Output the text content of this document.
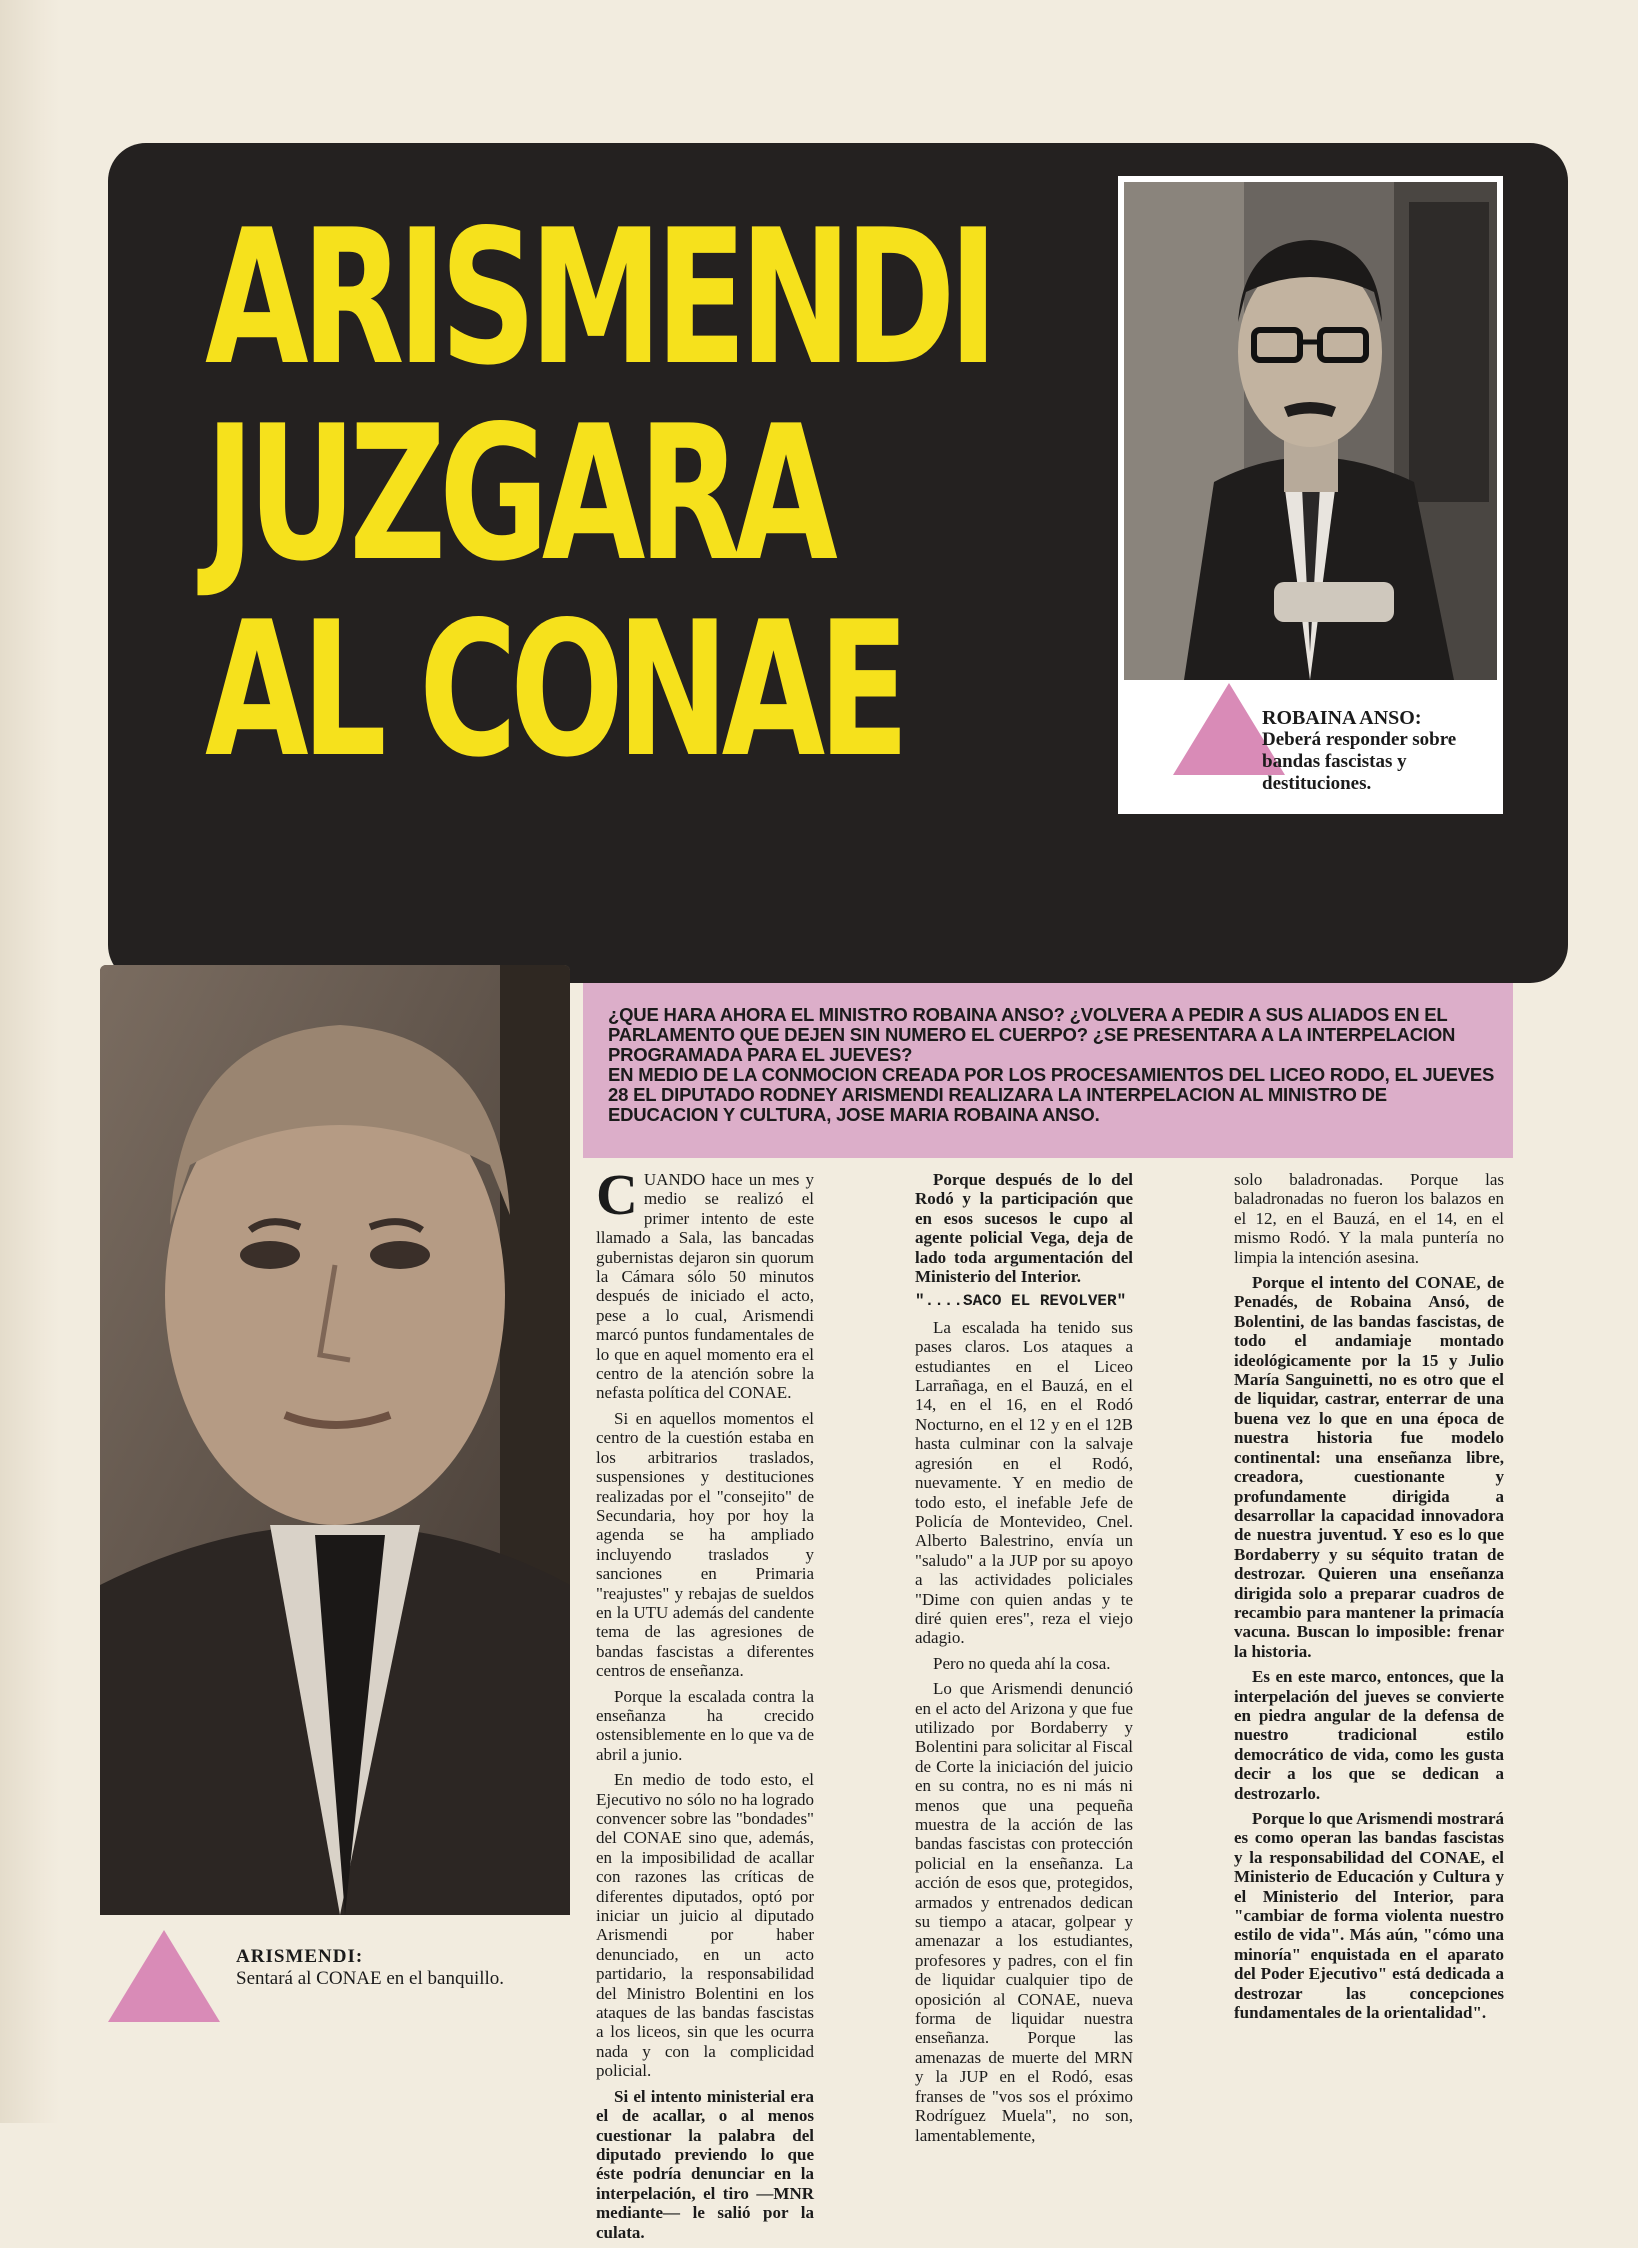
ARISMENDI
JUZGARA
AL CONAE	ROBAINA ANSO:
Deberá responder sobre bandas fascistas y destituciones.
ARISMENDI:
Sentará al CONAE en el banquillo.

¿QUE HARA AHORA EL MINISTRO ROBAINA ANSO? ¿VOLVERA A PEDIR A SUS ALIADOS EN EL PARLAMENTO QUE DEJEN SIN NUMERO EL CUERPO? ¿SE PRESENTARA A LA INTERPELACION PROGRAMADA PARA EL JUEVES?

EN MEDIO DE LA CONMOCION CREADA POR LOS PROCESAMIENTOS DEL LICEO RODO, EL JUEVES 28 EL DIPUTADO RODNEY ARISMENDI REALIZARA LA INTERPELACION AL MINISTRO DE EDUCACION Y CULTURA, JOSE MARIA ROBAINA ANSO.

CUANDO hace un mes y medio se realizó el primer intento de este llamado a Sala, las bancadas gubernistas dejaron sin quorum la Cámara sólo 50 minutos después de iniciado el acto, pese a lo cual, Arismendi marcó puntos fundamentales de lo que en aquel momento era el centro de la atención sobre la nefasta política del CONAE.

Si en aquellos momentos el centro de la cuestión estaba en los arbitrarios traslados, suspensiones y destituciones realizadas por el "consejito" de Secundaria, hoy por hoy la agenda se ha ampliado incluyendo traslados y sanciones en Primaria "reajustes" y rebajas de sueldos en la UTU además del candente tema de las agresiones de bandas fascistas a diferentes centros de enseñanza.

Porque la escalada contra la enseñanza ha crecido ostensiblemente en lo que va de abril a junio.

En medio de todo esto, el Ejecutivo no sólo no ha logrado convencer sobre las "bondades" del CONAE sino que, además, en la imposibilidad de acallar con razones las críticas de diferentes diputados, optó por iniciar un juicio al diputado Arismendi por haber denunciado, en un acto partidario, la responsabilidad del Ministro Bolentini en los ataques de las bandas fascistas a los liceos, sin que les ocurra nada y con la complicidad policial.

Si el intento ministerial era el de acallar, o al menos cuestionar la palabra del diputado previendo lo que éste podría denunciar en la interpelación, el tiro —MNR mediante— le salió por la culata.

Porque después de lo del Rodó y la participación que en esos sucesos le cupo al agente policial Vega, deja de lado toda argumentación del Ministerio del Interior.

"....SACO EL REVOLVER"

La escalada ha tenido sus pases claros. Los ataques a estudiantes en el Liceo Larrañaga, en el Bauzá, en el 14, en el 16, en el Rodó Nocturno, en el 12 y en el 12B hasta culminar con la salvaje agresión en el Rodó, nuevamente. Y en medio de todo esto, el inefable Jefe de Policía de Montevideo, Cnel. Alberto Balestrino, envía un "saludo" a la JUP por su apoyo a las actividades policiales "Dime con quien andas y te diré quien eres", reza el viejo adagio.

Pero no queda ahí la cosa.

Lo que Arismendi denunció en el acto del Arizona y que fue utilizado por Bordaberry y Bolentini para solicitar al Fiscal de Corte la iniciación del juicio en su contra, no es ni más ni menos que una pequeña muestra de la acción de las bandas fascistas con protección policial en la enseñanza. La acción de esos que, protegidos, armados y entrenados dedican su tiempo a atacar, golpear y amenazar a los estudiantes, profesores y padres, con el fin de liquidar cualquier tipo de oposición al CONAE, nueva forma de liquidar nuestra enseñanza. Porque las amenazas de muerte del MRN y la JUP en el Rodó, esas franses de "vos sos el próximo Rodríguez Muela", no son, lamentablemente,

solo baladronadas. Porque las baladronadas no fueron los balazos en el 12, en el Bauzá, en el 14, en el mismo Rodó. Y la mala puntería no limpia la intención asesina.

Porque el intento del CONAE, de Penadés, de Robaina Ansó, de Bolentini, de las bandas fascistas, de todo el andamiaje montado ideológicamente por la 15 y Julio María Sanguinetti, no es otro que el de liquidar, castrar, enterrar de una buena vez lo que en una época de nuestra historia fue modelo continental: una enseñanza libre, creadora, cuestionante y profundamente dirigida a desarrollar la capacidad innovadora de nuestra juventud. Y eso es lo que Bordaberry y su séquito tratan de destrozar. Quieren una enseñanza dirigida solo a preparar cuadros de recambio para mantener la primacía vacuna. Buscan lo imposible: frenar la historia.

Es en este marco, entonces, que la interpelación del jueves se convierte en piedra angular de la defensa de nuestro tradicional estilo democrático de vida, como les gusta decir a los que se dedican a destrozarlo.

Porque lo que Arismendi mostrará es como operan las bandas fascistas y la responsabilidad del CONAE, el Ministerio de Educación y Cultura y el Ministerio del Interior, para "cambiar de forma violenta nuestro estilo de vida". Más aún, "cómo una minoría" enquistada en el aparato del Poder Ejecutivo" está dedicada a destrozar las concepciones fundamentales de la orientalidad".
